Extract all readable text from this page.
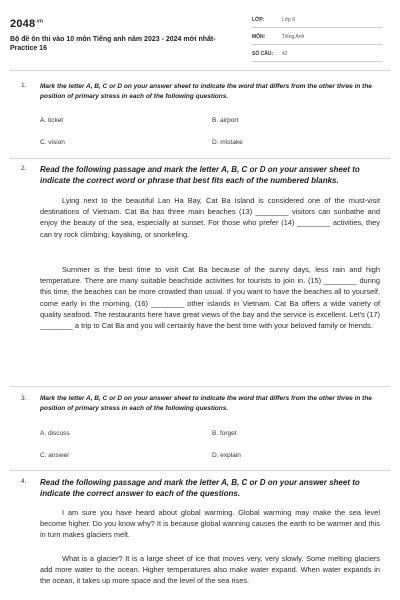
$2048^{.vn}$
Bộ đề ôn thi vào 10 môn Tiếng anh năm 2023 - 2024 mới nhất- Practice 16
LỚP:	Lớp 9
MÔN:	Tiếng Anh
SỐ CÂU: 42
1. Mark the letter A, B, C or D on your answer sheet to indicate the word that differs from the other three in the position of primary stress in each of the following questions.
A. ticket	B. airport
C. vision	D. mistake
2. Read the following passage and mark the letter A, B, C or D on your answer sheet to indicate the correct word or phrase that best fits each of the numbered blanks.
Lying next to the beautiful Lan Ha Bay, Cat Ba Island is considered one of the must-visit destinations of Vietnam. Cat Ba has three main beaches (13) ________ visitors can sunbathe and enjoy the beauty of the sea, especially at sunset. For those who prefer (14) ________ activities, they can try rock climbing, kayaking, or snorkeling.
Summer is the best time to visit Cat Ba because of the sunny days, less rain and high temperature. There are many suitable beachside activities for tourists to join in. (15) ________ during this time, the beaches can be more crowded than usual. If you want to have the beaches all to yourself, come early in the morning. (16) ________ other islands in Vietnam. Cat Ba offers a wide variety of quality seafood. The restaurants here have great views of the bay and the service is excellent. Let's (17) ________ a trip to Cat Ba and you will certainly have the best time with your beloved family or friends.
3. Mark the letter A, B, C or D on your answer sheet to indicate the word that differs from the other three in the position of primary stress in each of the following questions.
A. discuss	B. forget
C. answer	D. explain
4. Read the following passage and mark the letter A, B, C or D on your answer sheet to indicate the correct answer to each of the questions.
I am sure you have heard about global warming. Global warming may make the sea level become higher. Do you know why? It is because global wanning causes the earth to be warmer and this in turn makes glaciers melt.
What is a glacier? It is a large sheet of ice that moves very, very slowly. Some melting glaciers add more water to the ocean. Higher temperatures also make water expand. When water expands in the ocean, it takes up more space and the level of the sea rises.
